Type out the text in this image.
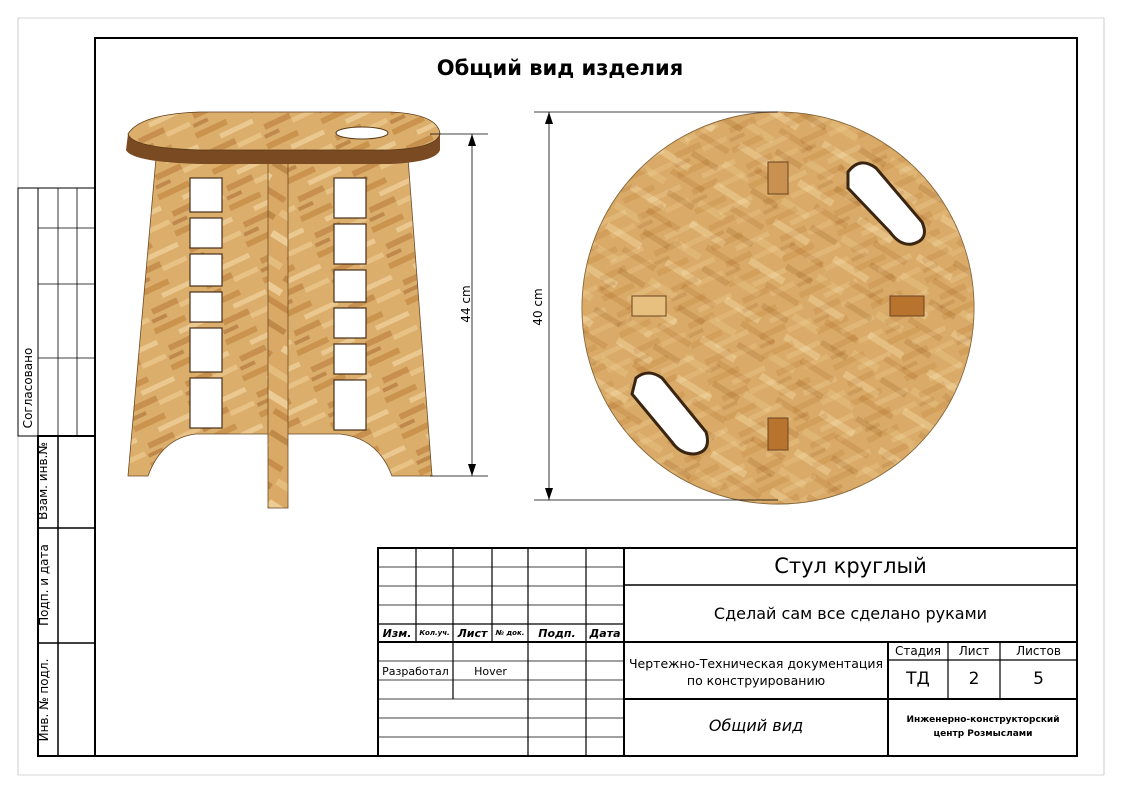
Общий вид изделия
44 cm	40 cm
Согласовано
Взам. инв.№
Подп. и дата
Инв. № подл.
Стул круглый
Сделай сам все сделано руками
Чертежно-Техническая документация по конструированию
Общий вид	Инженерно-конструкторский центр Розмыслами
Стадия	Лист	Листов
ТД	2	5
Изм.	Кол.уч. Лист	№ док.	Подп.	Дата
Разработал	Hover
